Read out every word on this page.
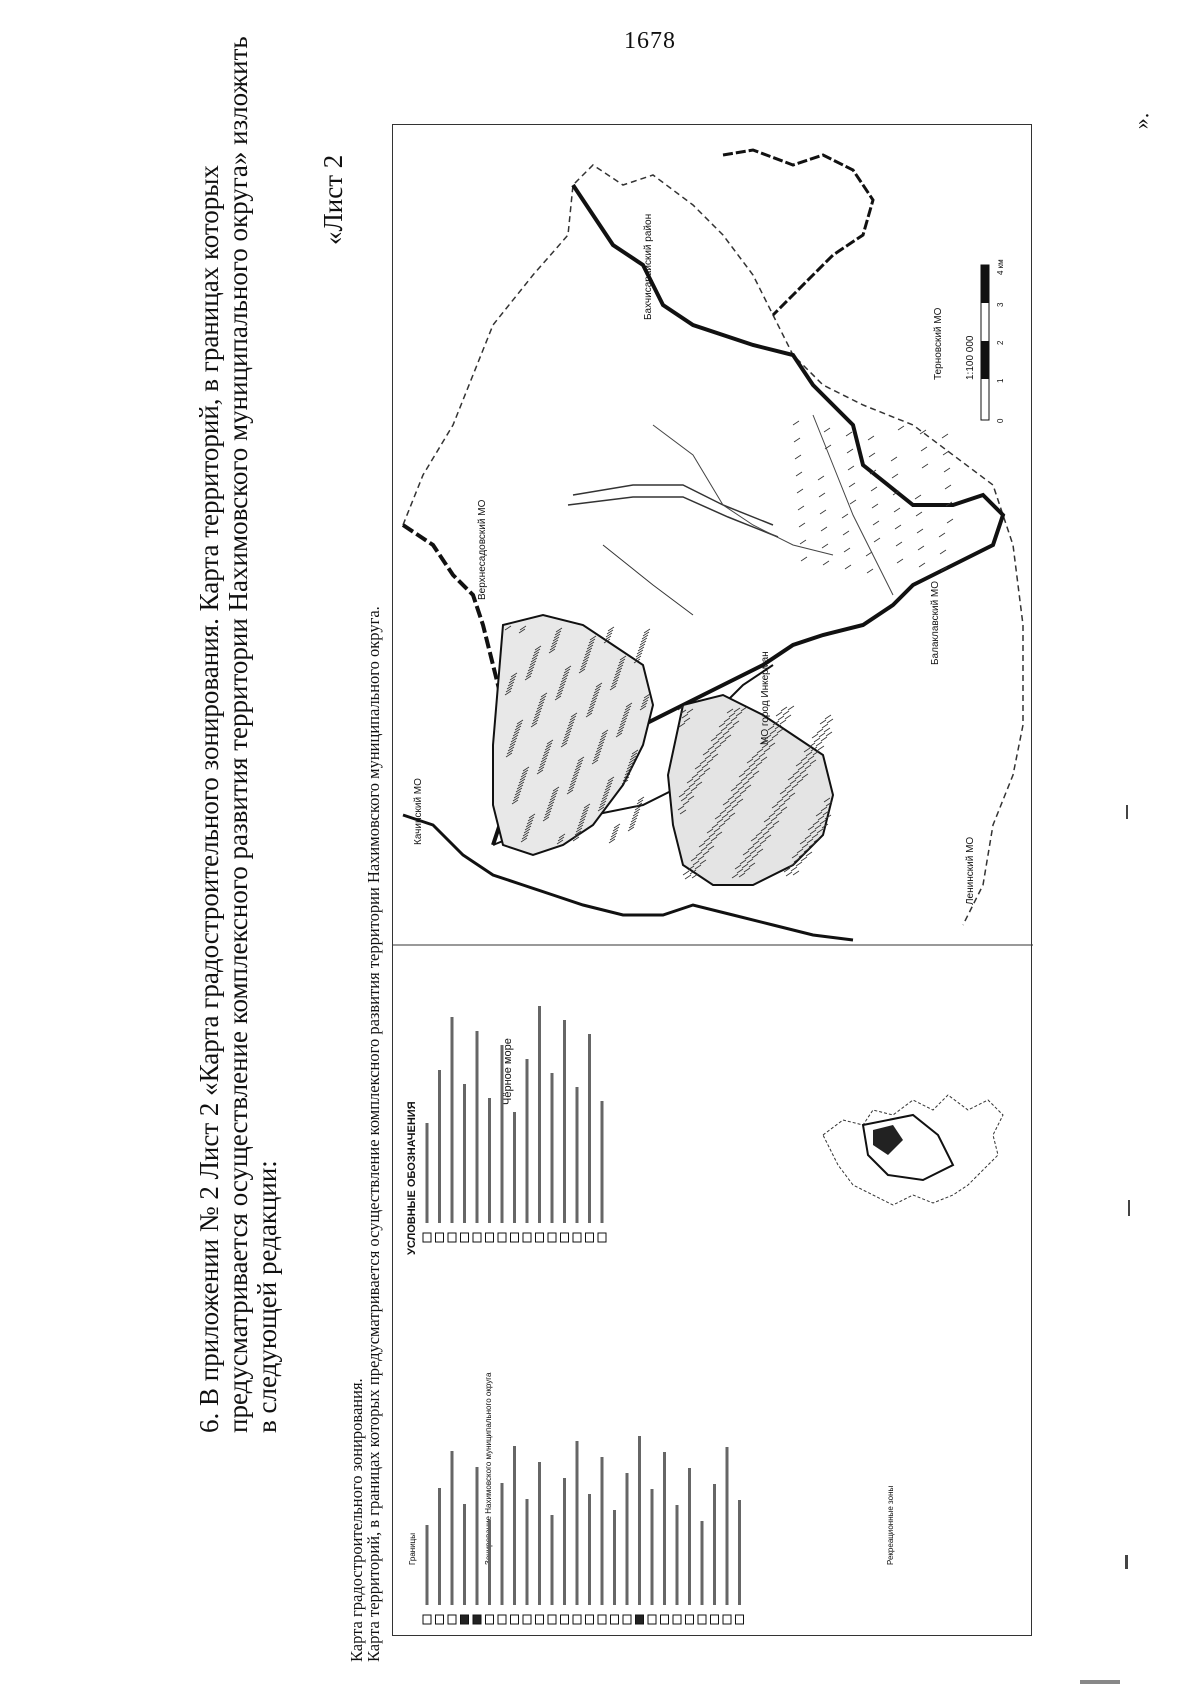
1678
6. В приложении № 2 Лист 2 «Карта градостроительного зонирования. Карта территорий, в границах которых предусматривается осуществление комплексного развития территории Нахимовского муниципального округа» изложить в следующей редакции:
«Лист 2
Карта градостроительного зонирования.
Карта территорий, в границах которых предусматривается осуществление комплексного развития территории Нахимовского муниципального округа. УСЛОВНЫЕ ОБОЗНАЧЕНИЯ
Границы	Зонирование Нахимовского муниципального округа	Рекреационные зоны
Чёрное море
Бахчисарайский район
Качинский МО
Верхнесадовский МО
МО город Инкерман
Балаклавский МО
Ленинский МО
Терновский МО 1:100 000
0
1
2
3
4 км
».
